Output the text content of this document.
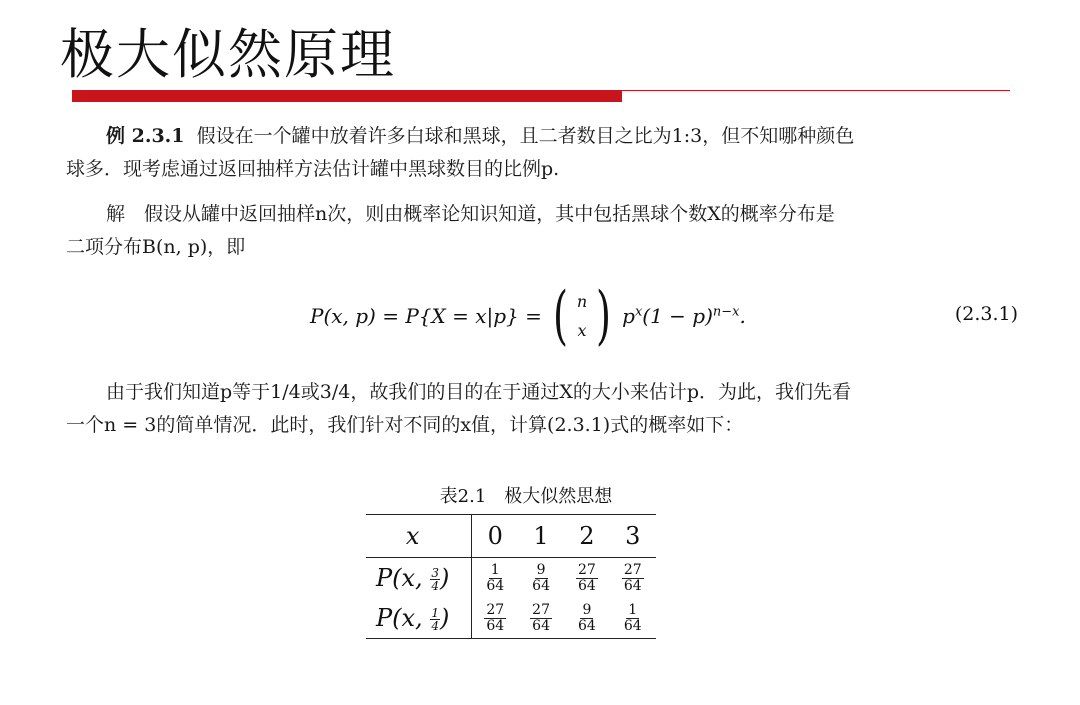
极大似然原理
例 2.3.1 假设在一个罐中放着许多白球和黑球，且二者数目之比为1:3，但不知哪种颜色
球多．现考虑通过返回抽样方法估计罐中黑球数目的比例p.
解　假设从罐中返回抽样n次，则由概率论知识知道，其中包括黑球个数X的概率分布是
二项分布B(n, p)，即
P(x, p) = P{X = x|p} = ( n
x ) $p^x(1 - p)^{n-x}$.	(2.3.1)
由于我们知道p等于1/4或3/4，故我们的目的在于通过X的大小来估计p．为此，我们先看
一个n = 3的简单情况．此时，我们针对不同的x值，计算(2.3.1)式的概率如下：
表2.1　极大似然思想
x	0	1	2	3
P(x, $\frac{3}{4}$ )	$\frac{1}{64}$	$\frac{9}{64}$	$\frac{27}{64}$	$\frac{27}{64}$

P(x, $\frac{1}{4}$ )	$\frac{27}{64}$	$\frac{27}{64}$	$\frac{9}{64}$	$\frac{1}{64}$
